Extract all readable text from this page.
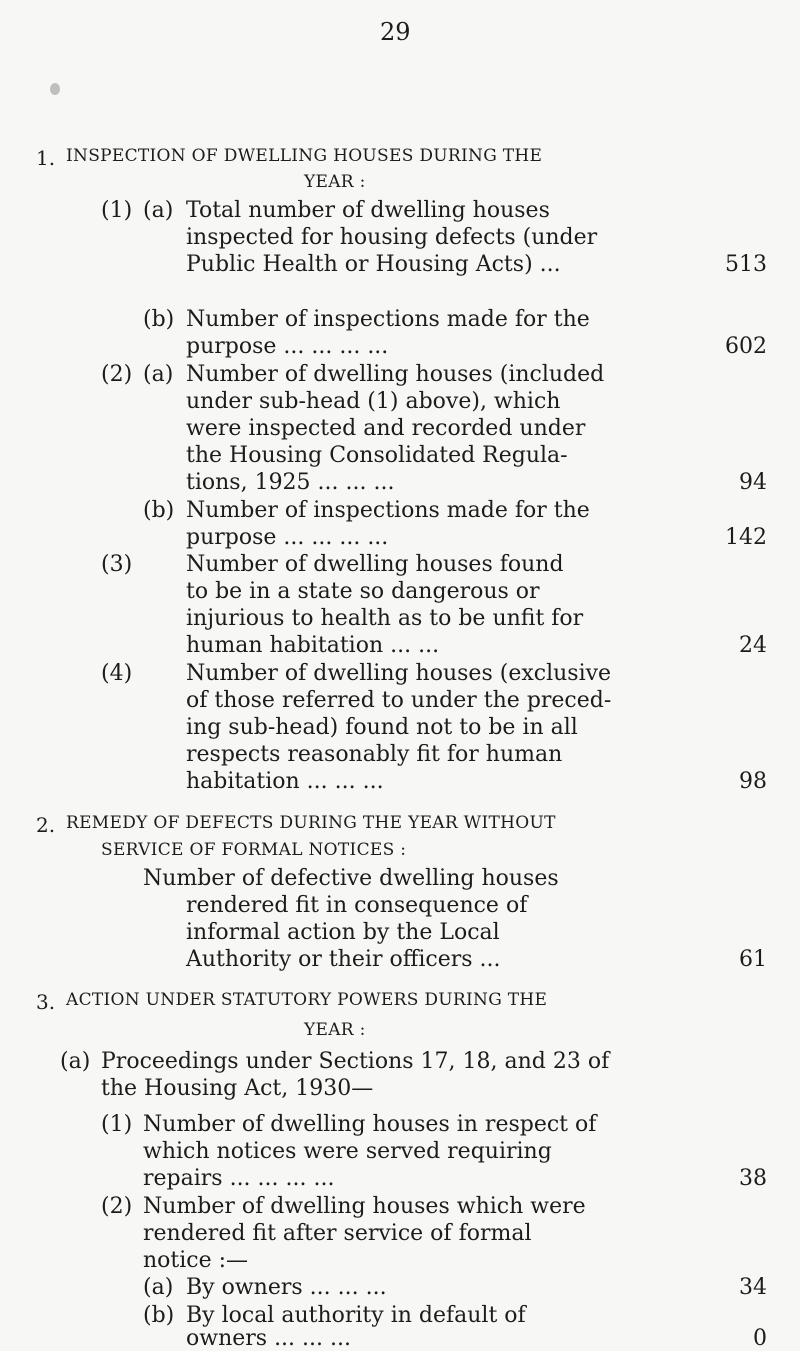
29
1. INSPECTION OF DWELLING HOUSES DURING THE
YEAR :
(1) (a) Total number of dwelling houses
inspected for housing defects (under
Public Health or Housing Acts) ...	513
(b) Number of inspections made for the
purpose ... ... ... ...	602
(2) (a) Number of dwelling houses (included
under sub-head (1) above), which
were inspected and recorded under
the Housing Consolidated Regula-
tions, 1925 ... ... ...	94
(b) Number of inspections made for the
purpose ... ... ... ...	142
(3) Number of dwelling houses found
to be in a state so dangerous or
injurious to health as to be unfit for
human habitation ... ...	24
(4) Number of dwelling houses (exclusive
of those referred to under the preced-
ing sub-head) found not to be in all
respects reasonably fit for human
habitation ... ... ...	98
2. REMEDY OF DEFECTS DURING THE YEAR WITHOUT
SERVICE OF FORMAL NOTICES :
Number of defective dwelling houses
rendered fit in consequence of
informal action by the Local
Authority or their officers ...	61
3. ACTION UNDER STATUTORY POWERS DURING THE
YEAR :
(a) Proceedings under Sections 17, 18, and 23 of
the Housing Act, 1930—
(1) Number of dwelling houses in respect of
which notices were served requiring
repairs ... ... ... ...	38
(2) Number of dwelling houses which were
rendered fit after service of formal
notice :—
(a) By owners ... ... ...	34
(b) By local authority in default of
owners ... ... ...	0
